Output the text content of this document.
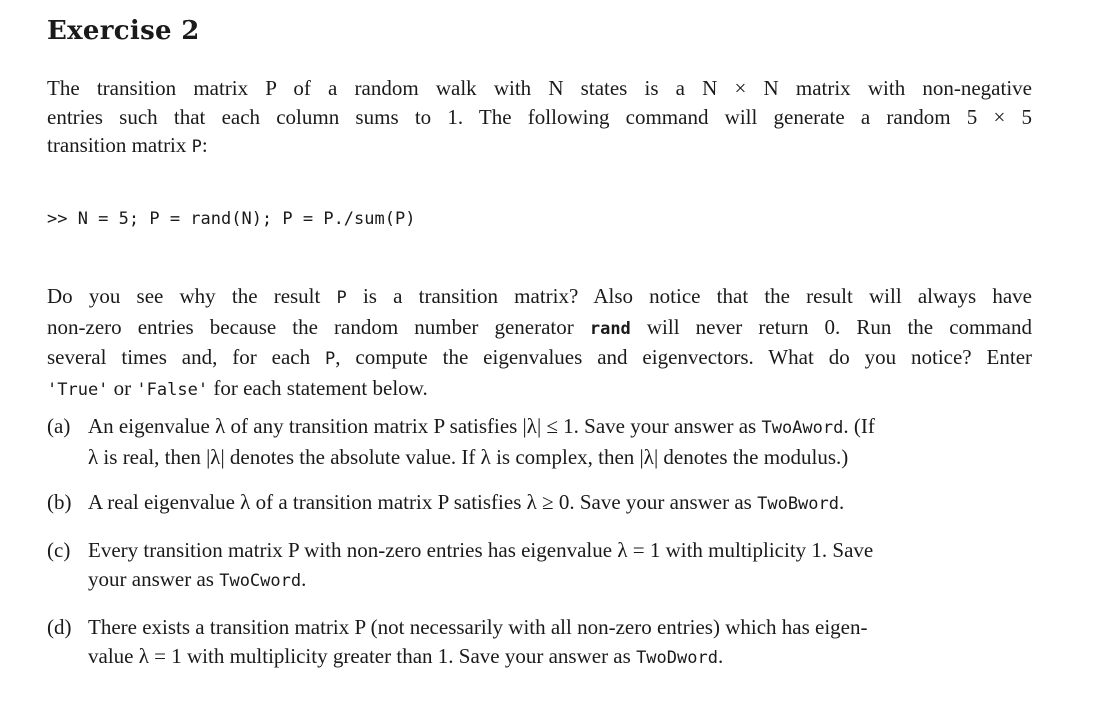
Exercise 2

The transition matrix P of a random walk with N states is a N × N matrix with non-negative
entries such that each column sums to 1. The following command will generate a random 5 × 5
transition matrix P:

>> N = 5; P = rand(N); P = P./sum(P)

Do you see why the result P is a transition matrix? Also notice that the result will always have
non-zero entries because the random number generator rand will never return 0. Run the command
several times and, for each P, compute the eigenvalues and eigenvectors. What do you notice? Enter
'True' or 'False' for each statement below.

(a) An eigenvalue λ of any transition matrix P satisfies |λ| ≤ 1. Save your answer as TwoAword. (If
λ is real, then |λ| denotes the absolute value. If λ is complex, then |λ| denotes the modulus.)
(b) A real eigenvalue λ of a transition matrix P satisfies λ ≥ 0. Save your answer as TwoBword.
(c) Every transition matrix P with non-zero entries has eigenvalue λ = 1 with multiplicity 1. Save
your answer as TwoCword.
(d) There exists a transition matrix P (not necessarily with all non-zero entries) which has eigen-
value λ = 1 with multiplicity greater than 1. Save your answer as TwoDword.
